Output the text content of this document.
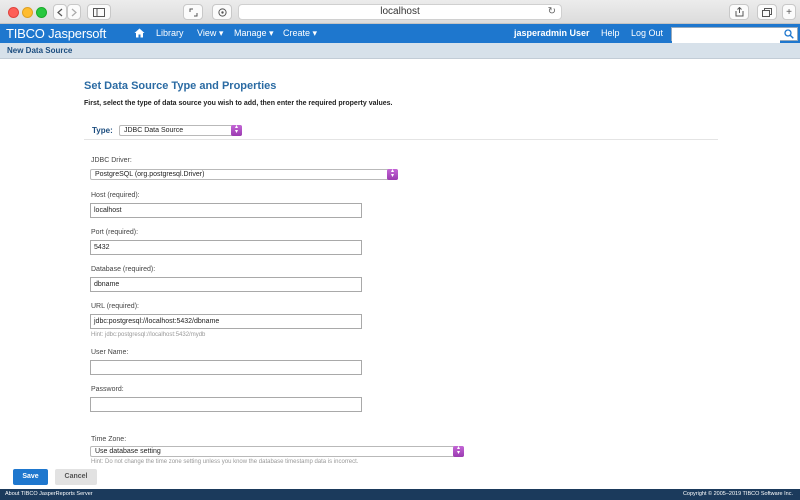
localhost	↻	+
TIBCO Jaspersoft	Library View ▾ Manage ▾ Create ▾	jasperadmin User Help Log Out
New Data Source
Set Data Source Type and Properties
First, select the type of data source you wish to add, then enter the required property values.
Type:	JDBC Data Source	▴
▾
JDBC Driver:
PostgreSQL (org.postgresql.Driver)	▴
▾
Host (required):
localhost
Port (required):
5432
Database (required):
dbname
URL (required):
jdbc:postgresql://localhost:5432/dbname
Hint: jdbc:postgresql://localhost:5432/mydb
User Name:
Password:
Time Zone:
Use database setting	▴
▾
Hint: Do not change the time zone setting unless you know the database timestamp data is incorrect.
Save	Cancel
About TIBCO JasperReports Server	Copyright © 2005–2019 TIBCO Software Inc.
